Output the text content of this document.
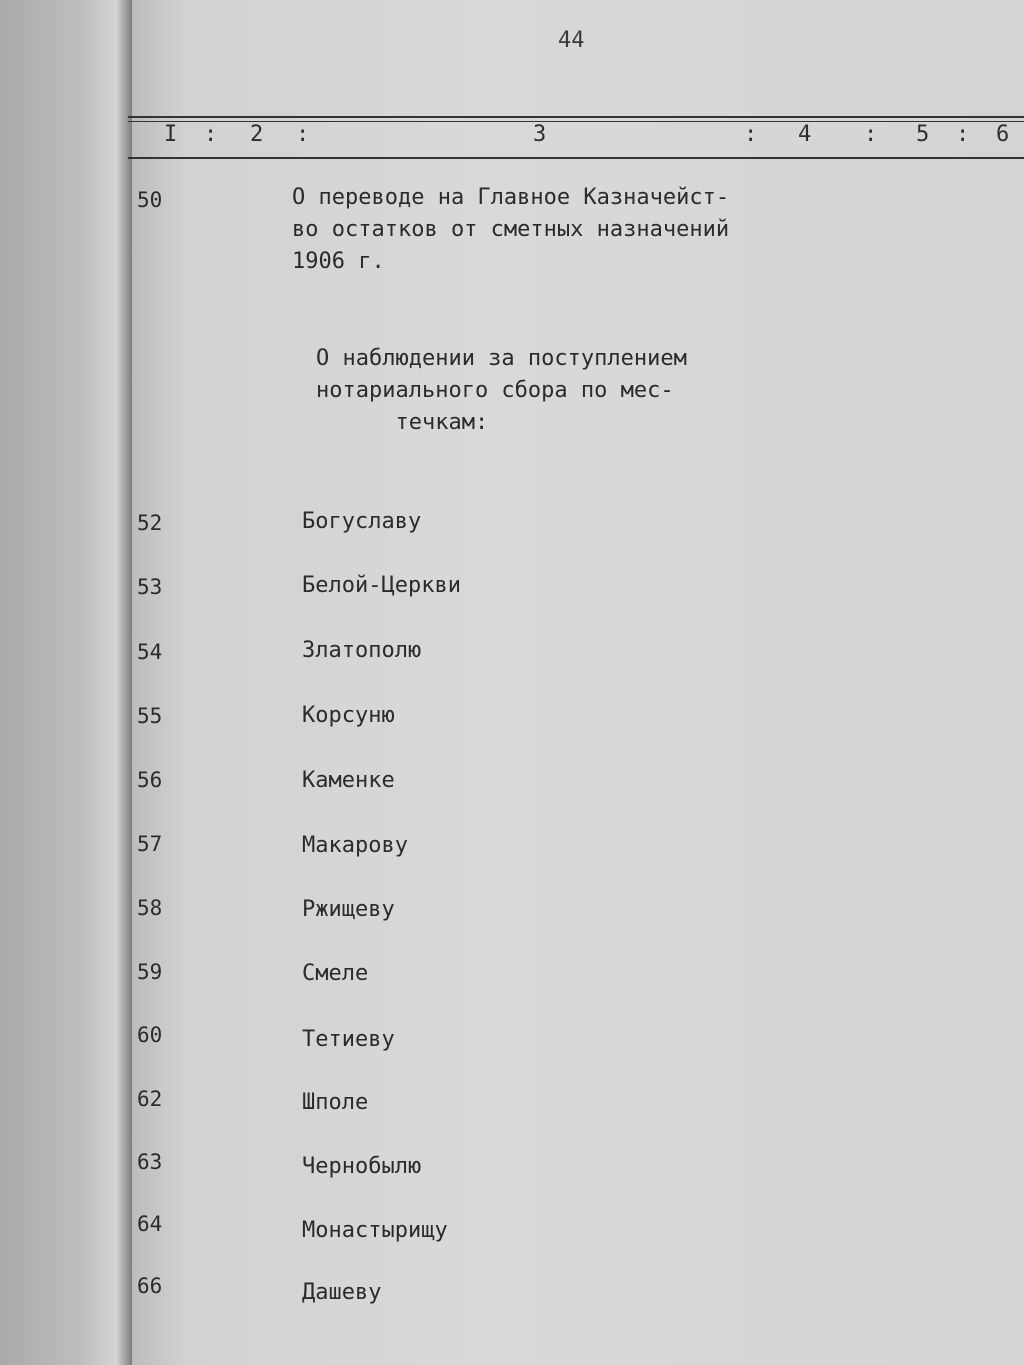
44
I : 2 :	3	: 4 : 5 : 6
50	О переводе на Главное Казначейст-
во остатков от сметных назначений
1906 г.
О наблюдении за поступлением
нотариального сбора по мес-
течкам:
52	Богуславу
53	Белой-Церкви
54	Златополю
55	Корсуню
56	Каменке
57	Макарову
58	Ржищеву
59	Смеле
60	Тетиеву
62	Шполе
63	Чернобылю
64	Монастырищу
66	Дашеву
